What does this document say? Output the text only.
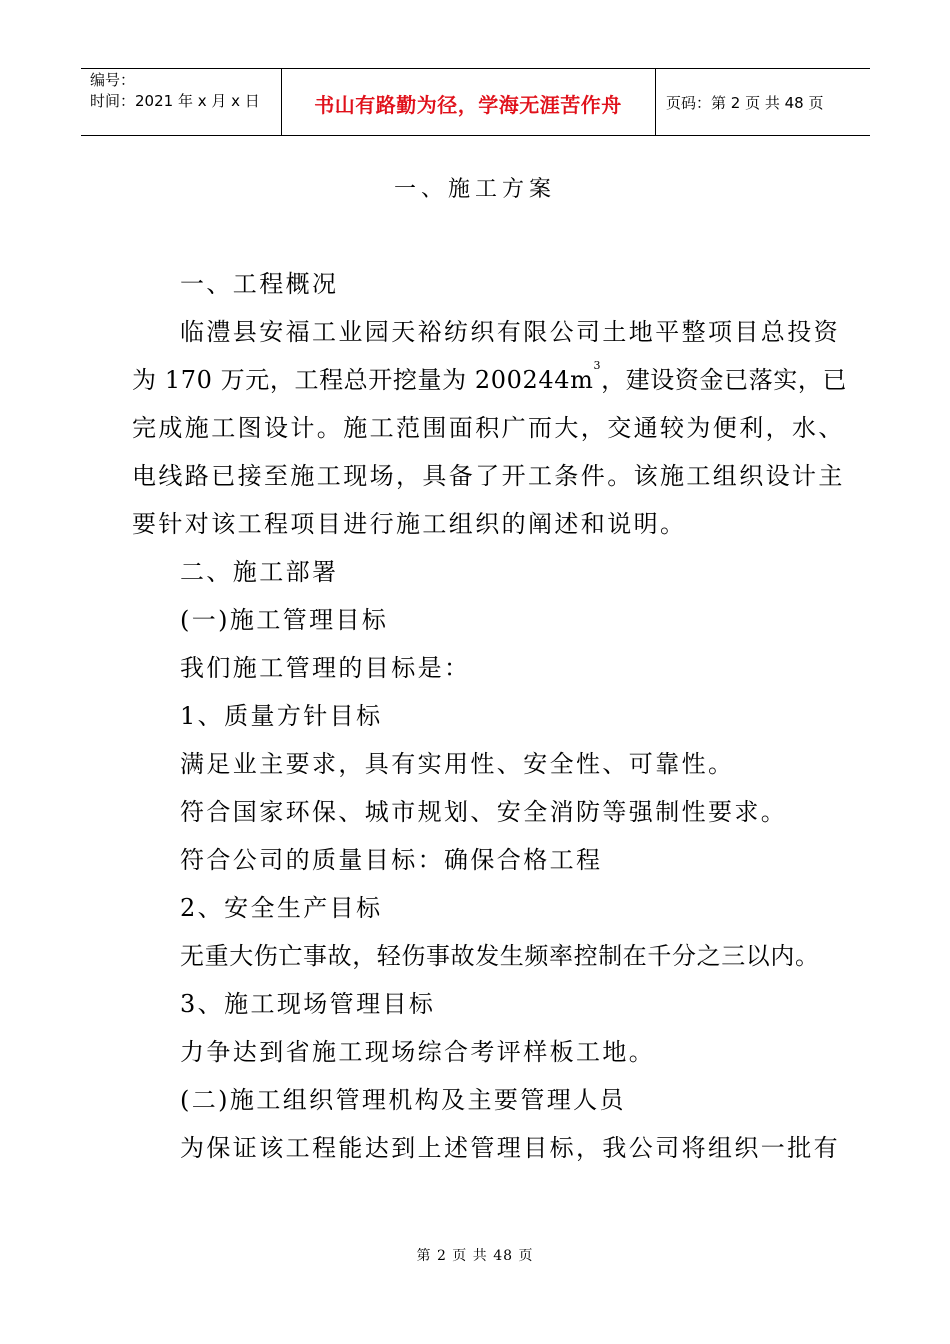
编号：
时间：2021 年 x 月 x 日	书山有路勤为径，学海无涯苦作舟	页码：第 2 页 共 48 页
一、施工方案
一、工程概况
临澧县安福工业园天裕纺织有限公司土地平整项目总投资
为 170 万元，工程总开挖量为 $200244m^3$，建设资金已落实，已
完成施工图设计。施工范围面积广而大，交通较为便利，水、
电线路已接至施工现场，具备了开工条件。该施工组织设计主
要针对该工程项目进行施工组织的阐述和说明。
二、施工部署
(一)施工管理目标
我们施工管理的目标是：
1、质量方针目标
满足业主要求，具有实用性、安全性、可靠性。
符合国家环保、城市规划、安全消防等强制性要求。
符合公司的质量目标：确保合格工程
2、安全生产目标
无重大伤亡事故，轻伤事故发生频率控制在千分之三以内。
3、施工现场管理目标
力争达到省施工现场综合考评样板工地。
(二)施工组织管理机构及主要管理人员
为保证该工程能达到上述管理目标，我公司将组织一批有
第 2 页 共 48 页
